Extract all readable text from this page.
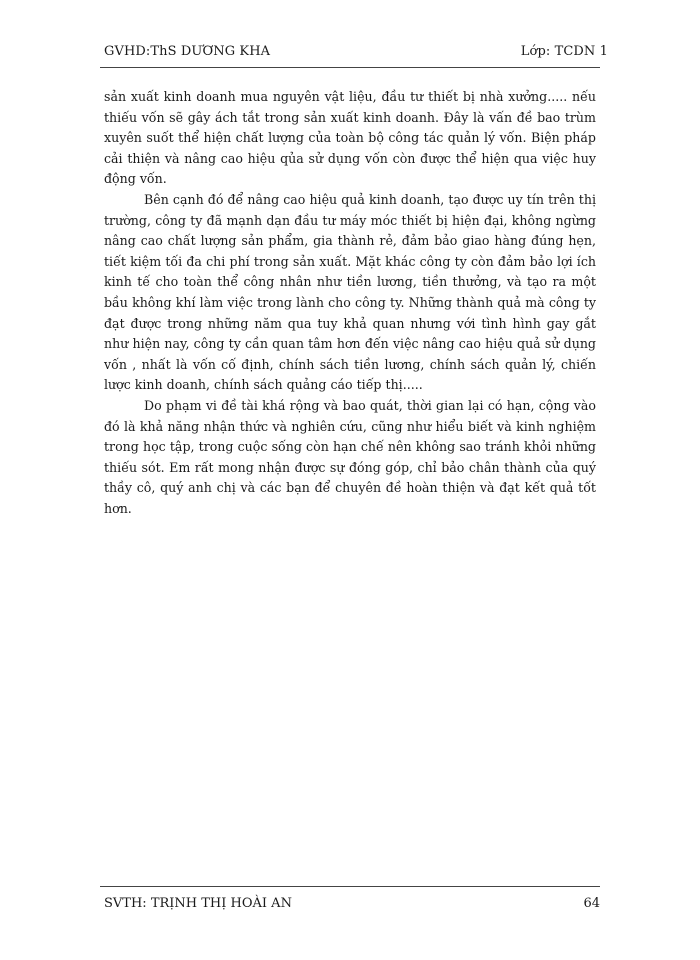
GVHD:ThS DƯƠNG KHA	Lớp: TCDN 1

sản xuất kinh doanh mua nguyên vật liệu, đầu tư thiết bị nhà xưởng..... nếu thiếu vốn sẽ gây ách tắt trong sản xuất kinh doanh. Đây là vấn đề bao trùm xuyên suốt thể hiện chất lượng của toàn bộ công tác quản lý vốn. Biện pháp cải thiện và nâng cao hiệu qủa sử dụng vốn còn được thể hiện qua việc huy động vốn.

Bên cạnh đó để nâng cao hiệu quả kinh doanh, tạo được uy tín trên thị trường, công ty đã mạnh dạn đầu tư máy móc thiết bị hiện đại, không ngừng nâng cao chất lượng sản phẩm, gia thành rẻ, đảm bảo giao hàng đúng hẹn, tiết kiệm tối đa chi phí trong sản xuất. Mặt khác công ty còn đảm bảo lợi ích kinh tế cho toàn thể công nhân như tiền lương, tiền thưởng, và tạo ra một bầu không khí làm việc trong lành cho công ty. Những thành quả mà công ty đạt được trong những năm qua tuy khả quan nhưng với tình hình gay gắt như hiện nay, công ty cần quan tâm hơn đến việc nâng cao hiệu quả sử dụng vốn , nhất là vốn cố định, chính sách tiền lương, chính sách quản lý, chiến lược kinh doanh, chính sách quảng cáo tiếp thị.....

Do phạm vi đề tài khá rộng và bao quát, thời gian lại có hạn, cộng vào đó là khả năng nhận thức và nghiên cứu, cũng như hiểu biết và kinh nghiệm trong học tập, trong cuộc sống còn hạn chế nên không sao tránh khỏi những thiếu sót. Em rất mong nhận được sự đóng góp, chỉ bảo chân thành của quý thầy cô, quý anh chị và các bạn để chuyên đề hoàn thiện và đạt kết quả tốt hơn.

SVTH: TRỊNH THỊ HOÀI AN	64
